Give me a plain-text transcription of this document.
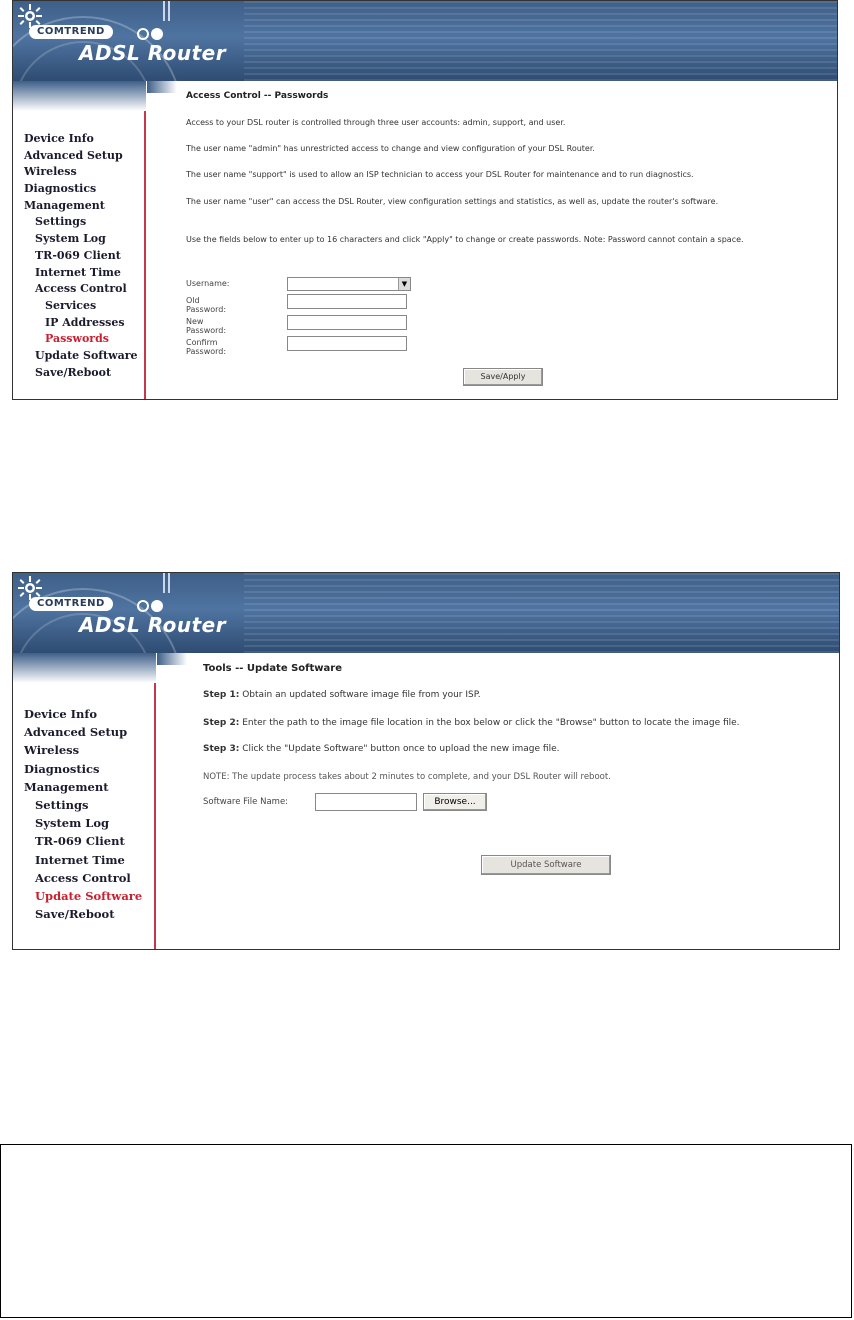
COMTREND
ADSL Router
Device Info
Advanced Setup
Wireless
Diagnostics
Management
Settings
System Log
TR-069 Client
Internet Time
Access Control
Services
IP Addresses
Passwords
Update Software
Save/Reboot
Access Control -- Passwords
Access to your DSL router is controlled through three user accounts: admin, support, and user.
The user name "admin" has unrestricted access to change and view configuration of your DSL Router.
The user name "support" is used to allow an ISP technician to access your DSL Router for maintenance and to run diagnostics.
The user name "user" can access the DSL Router, view configuration settings and statistics, as well as, update the router's software.
Use the fields below to enter up to 16 characters and click "Apply" to change or create passwords. Note: Password cannot contain a space.
Username:	▼
Old Password:
New Password:
Confirm Password:
Save/Apply
COMTREND
ADSL Router
Device Info
Advanced Setup
Wireless
Diagnostics
Management
Settings
System Log
TR-069 Client
Internet Time
Access Control
Update Software
Save/Reboot
Tools -- Update Software
Step 1: Obtain an updated software image file from your ISP.
Step 2: Enter the path to the image file location in the box below or click the "Browse" button to locate the image file.
Step 3: Click the "Update Software" button once to upload the new image file.
NOTE: The update process takes about 2 minutes to complete, and your DSL Router will reboot.
Software File Name:	Browse...
Update Software
